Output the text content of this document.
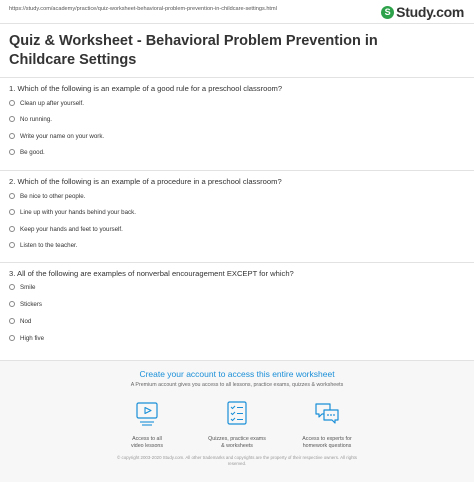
https://study.com/academy/practice/quiz-worksheet-behavioral-problem-prevention-in-childcare-settings.html	S Study.com
Quiz & Worksheet - Behavioral Problem Prevention in
Childcare Settings
1. Which of the following is an example of a good rule for a preschool classroom?
Clean up after yourself.
No running.
Write your name on your work.
Be good.
2. Which of the following is an example of a procedure in a preschool classroom?
Be nice to other people.
Line up with your hands behind your back.
Keep your hands and feet to yourself.
Listen to the teacher.
3. All of the following are examples of nonverbal encouragement EXCEPT for which?
Smile
Stickers
Nod
High five
Create your account to access this entire worksheet
A Premium account gives you access to all lessons, practice exams, quizzes & worksheets
Access to all
video lessons
Quizzes, practice exams
& worksheets
Access to experts for
homework questions
© copyright 2003-2020 Study.com. All other trademarks and copyrights are the property of their respective owners. All rights
reserved.
